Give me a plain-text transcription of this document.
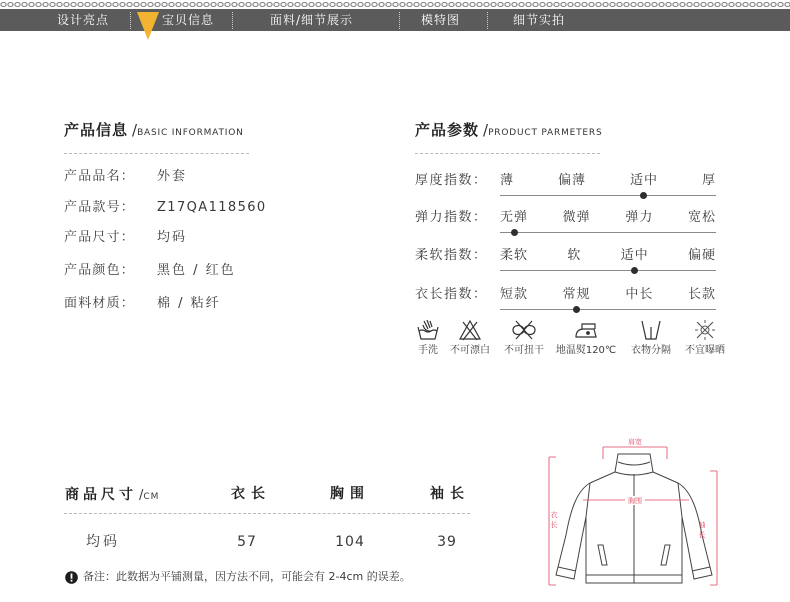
设计亮点	宝贝信息	面料/细节展示	模特图	细节实拍
产品信息 /BASIC INFORMATION
产品品名： 外套
产品款号： Z17QA118560
产品尺寸： 均码
产品颜色： 黑色 / 红色
面料材质： 棉 / 粘纤
产品参数 /PRODUCT PARMETERS
厚度指数： 薄	偏薄	适中	厚
弹力指数： 无弹	微弹	弹力	宽松
柔软指数： 柔软	软	适中	偏硬
衣长指数： 短款	常规	中长	长款
手洗	不可漂白	不可扭干	地温熨120℃	衣物分隔	不宜曝晒
商品尺寸 /CM	衣长	胸围	袖长
均码	57	104	39
备注：此数据为平铺测量，因方法不同，可能会有 2-4cm 的误差。
肩宽
胸围
衣长	袖长
